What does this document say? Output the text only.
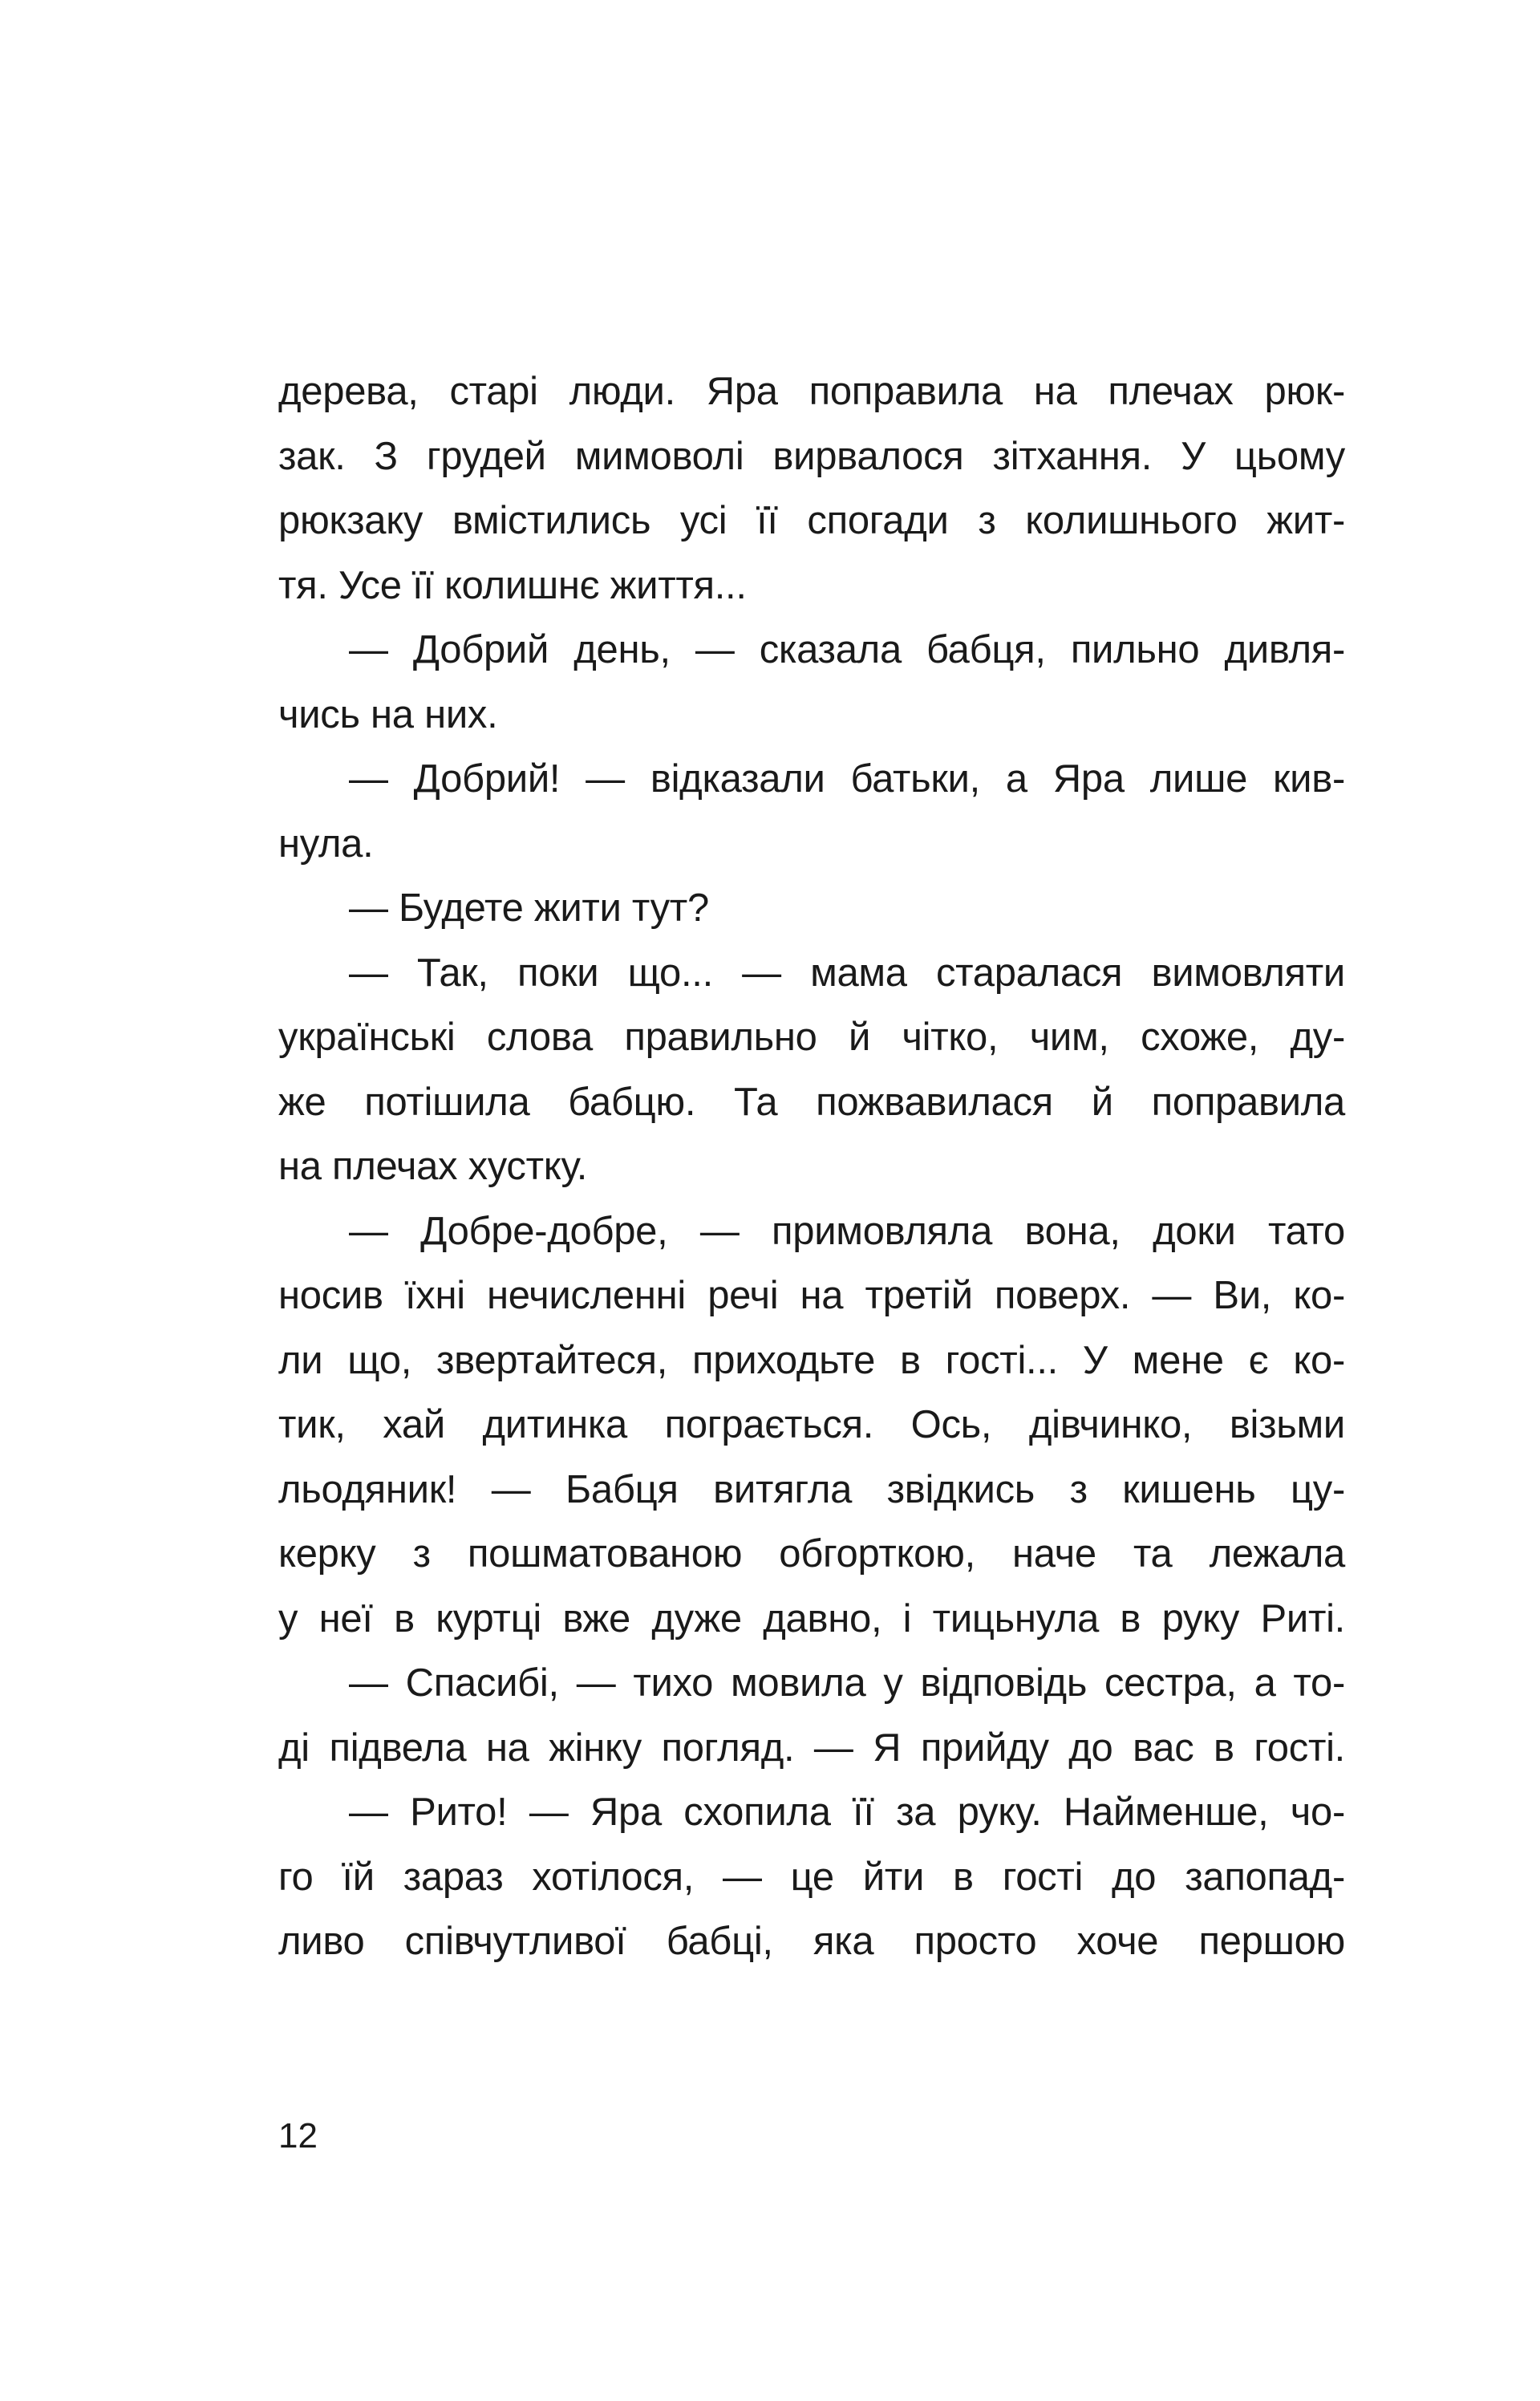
дерева, старі люди. Яра поправила на плечах рюк-
зак. З грудей мимоволі вирвалося зітхання. У цьому
рюкзаку вмістились усі її спогади з колишнього жит-
тя. Усе її колишнє життя...
— Добрий день, — сказала бабця, пильно дивля-
чись на них.
— Добрий! — відказали батьки, а Яра лише кив-
нула.
— Будете жити тут?
— Так, поки що... — мама старалася вимовляти
українські слова правильно й чітко, чим, схоже, ду-
же потішила бабцю. Та пожвавилася й поправила
на плечах хустку.
— Добре-добре, — примовляла вона, доки тато
носив їхні нечисленні речі на третій поверх. — Ви, ко-
ли що, звертайтеся, приходьте в гості... У мене є ко-
тик, хай дитинка пограється. Ось, дівчинко, візьми
льодяник! — Бабця витягла звідкись з кишень цу-
керку з пошматованою обгорткою, наче та лежала
у неї в куртці вже дуже давно, і тицьнула в руку Риті.
— Спасибі, — тихо мовила у відповідь сестра, а то-
ді підвела на жінку погляд. — Я прийду до вас в гості.
— Рито! — Яра схопила її за руку. Найменше, чо-
го їй зараз хотілося, — це йти в гості до запопад-
ливо співчутливої бабці, яка просто хоче першою
12
